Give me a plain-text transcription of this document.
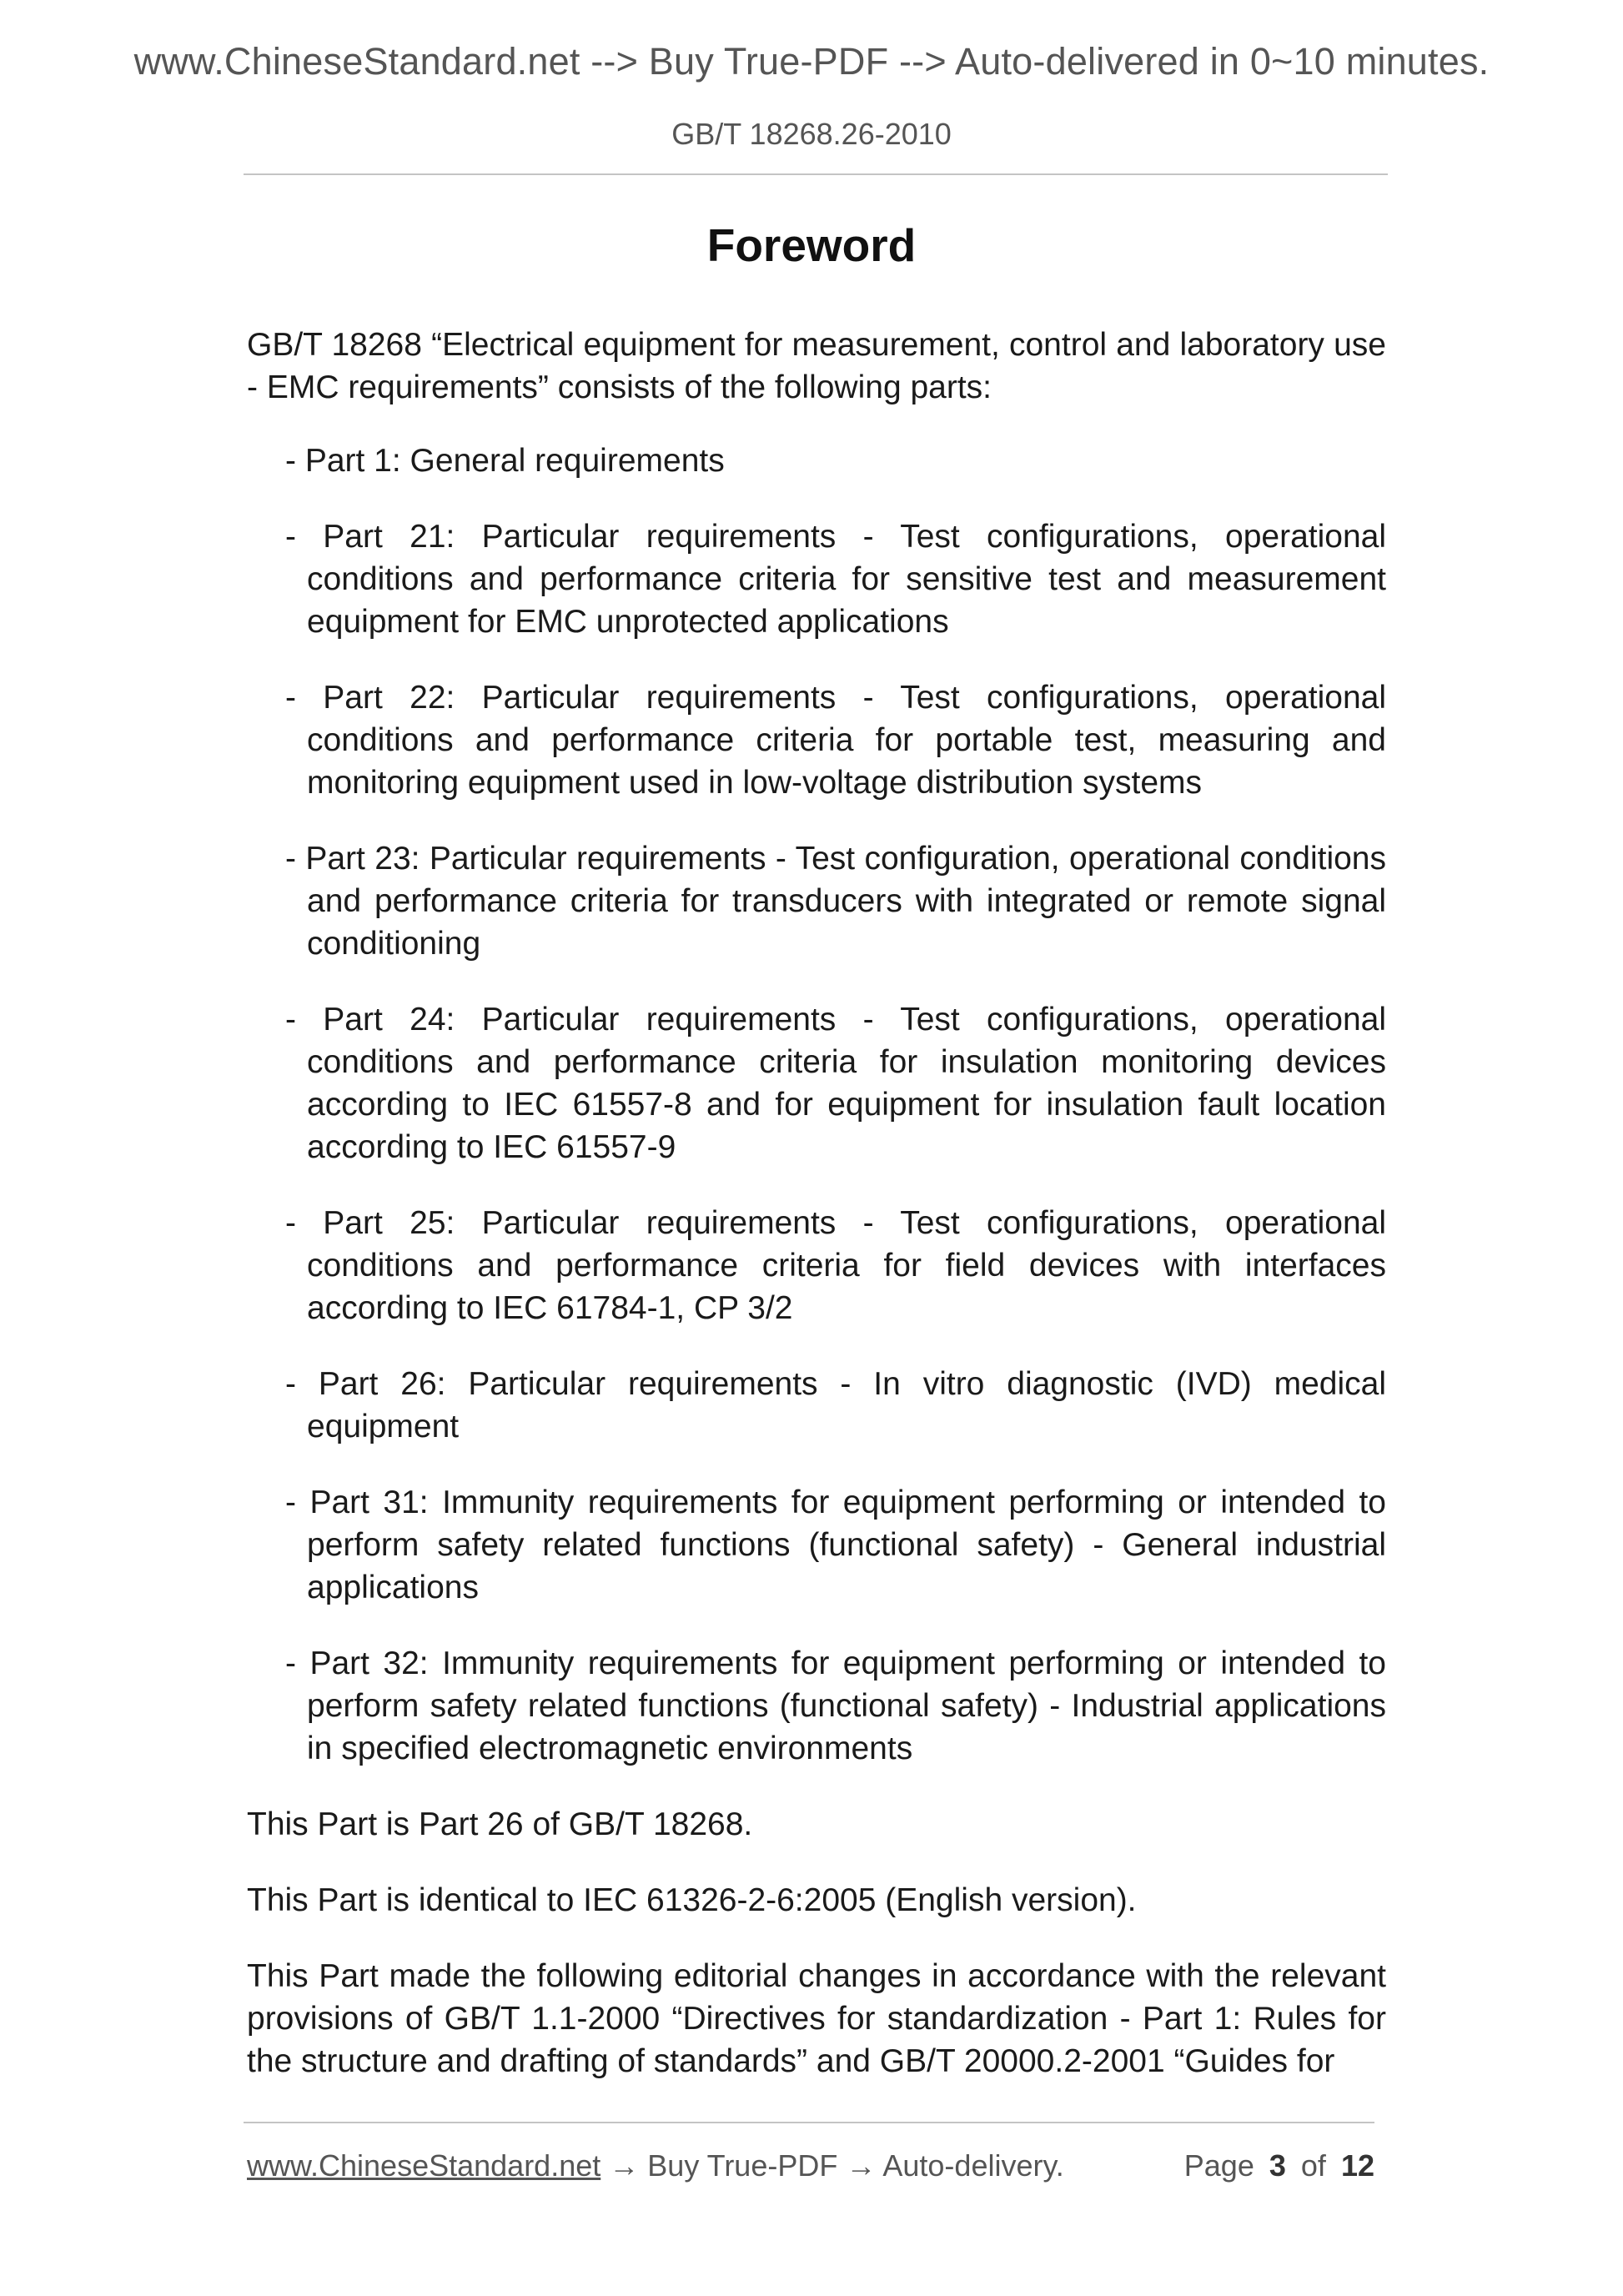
www.ChineseStandard.net --> Buy True-PDF --> Auto-delivered in 0~10 minutes.
GB/T 18268.26-2010
Foreword

GB/T 18268 “Electrical equipment for measurement, control and laboratory use - EMC requirements” consists of the following parts:

- Part 1: General requirements
- Part 21: Particular requirements - Test configurations, operational conditions and performance criteria for sensitive test and measurement equipment for EMC unprotected applications
- Part 22: Particular requirements - Test configurations, operational conditions and performance criteria for portable test, measuring and monitoring equipment used in low-voltage distribution systems
- Part 23: Particular requirements - Test configuration, operational conditions and performance criteria for transducers with integrated or remote signal conditioning
- Part 24: Particular requirements - Test configurations, operational conditions and performance criteria for insulation monitoring devices according to IEC 61557-8 and for equipment for insulation fault location according to IEC 61557-9
- Part 25: Particular requirements - Test configurations, operational conditions and performance criteria for field devices with interfaces according to IEC 61784-1, CP 3/2
- Part 26: Particular requirements - In vitro diagnostic (IVD) medical equipment
- Part 31: Immunity requirements for equipment performing or intended to perform safety related functions (functional safety) - General industrial applications
- Part 32: Immunity requirements for equipment performing or intended to perform safety related functions (functional safety) - Industrial applications in specified electromagnetic environments

This Part is Part 26 of GB/T 18268.

This Part is identical to IEC 61326-2-6:2005 (English version).

This Part made the following editorial changes in accordance with the relevant provisions of GB/T 1.1-2000 “Directives for standardization - Part 1: Rules for the structure and drafting of standards” and GB/T 20000.2-2001 “Guides for

www.ChineseStandard.net → Buy True-PDF → Auto-delivery.	Page 3 of 12
